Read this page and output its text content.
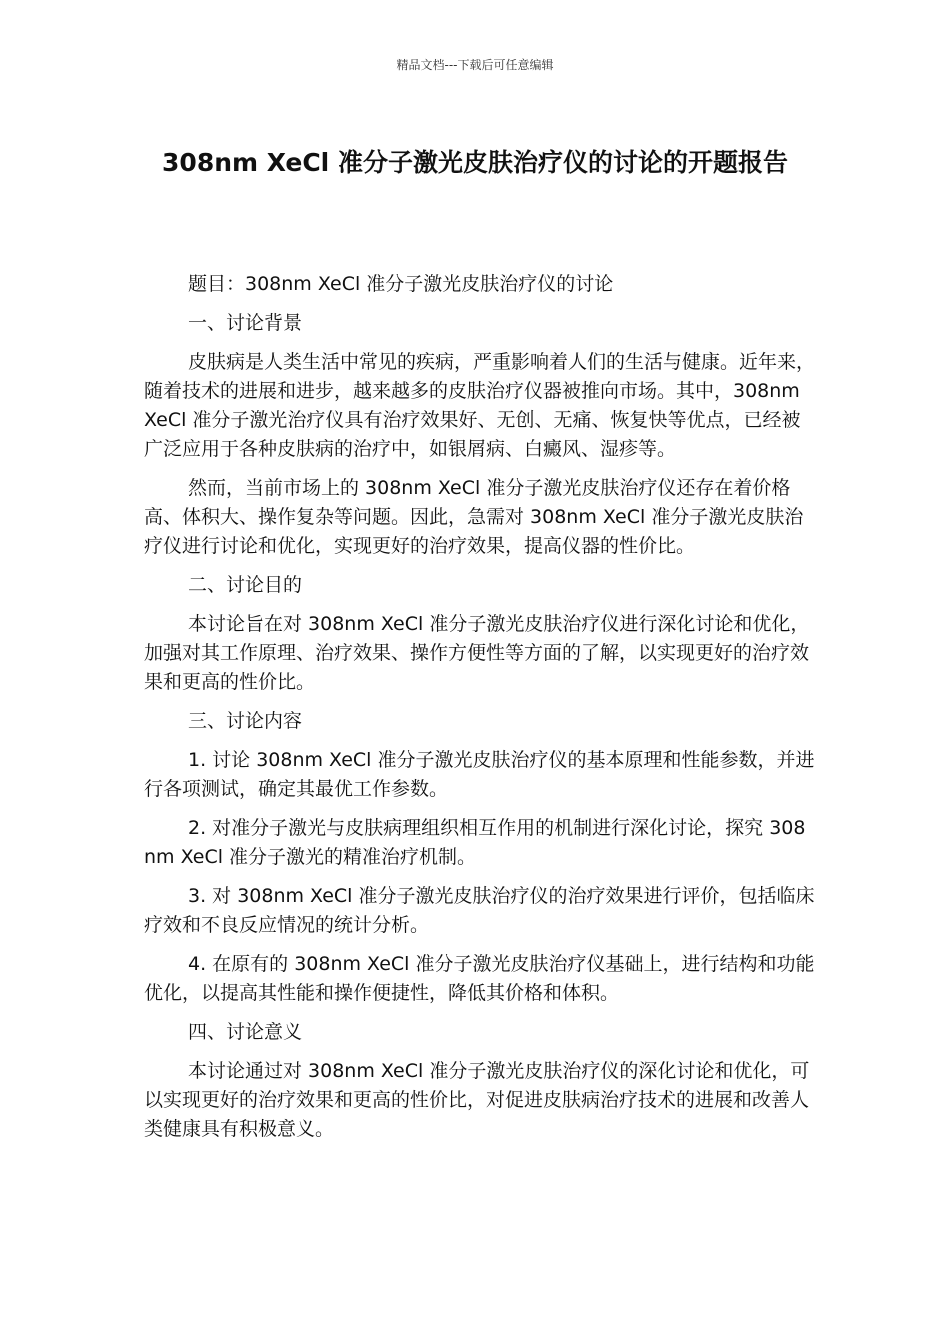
精品文档---下载后可任意编辑
308nm XeCl 准分子激光皮肤治疗仪的讨论的开题报告

题目：308nm XeCl 准分子激光皮肤治疗仪的讨论

一、讨论背景

皮肤病是人类生活中常见的疾病，严重影响着人们的生活与健康。近年来，随着技术的进展和进步，越来越多的皮肤治疗仪器被推向市场。其中，308nm XeCl 准分子激光治疗仪具有治疗效果好、无创、无痛、恢复快等优点，已经被广泛应用于各种皮肤病的治疗中，如银屑病、白癜风、湿疹等。

然而，当前市场上的 308nm XeCl 准分子激光皮肤治疗仪还存在着价格高、体积大、操作复杂等问题。因此，急需对 308nm XeCl 准分子激光皮肤治疗仪进行讨论和优化，实现更好的治疗效果，提高仪器的性价比。

二、讨论目的

本讨论旨在对 308nm XeCl 准分子激光皮肤治疗仪进行深化讨论和优化，加强对其工作原理、治疗效果、操作方便性等方面的了解，以实现更好的治疗效果和更高的性价比。

三、讨论内容

1. 讨论 308nm XeCl 准分子激光皮肤治疗仪的基本原理和性能参数，并进行各项测试，确定其最优工作参数。

2. 对准分子激光与皮肤病理组织相互作用的机制进行深化讨论，探究 308nm XeCl 准分子激光的精准治疗机制。

3. 对 308nm XeCl 准分子激光皮肤治疗仪的治疗效果进行评价，包括临床疗效和不良反应情况的统计分析。

4. 在原有的 308nm XeCl 准分子激光皮肤治疗仪基础上，进行结构和功能优化，以提高其性能和操作便捷性，降低其价格和体积。

四、讨论意义

本讨论通过对 308nm XeCl 准分子激光皮肤治疗仪的深化讨论和优化，可以实现更好的治疗效果和更高的性价比，对促进皮肤病治疗技术的进展和改善人类健康具有积极意义。
